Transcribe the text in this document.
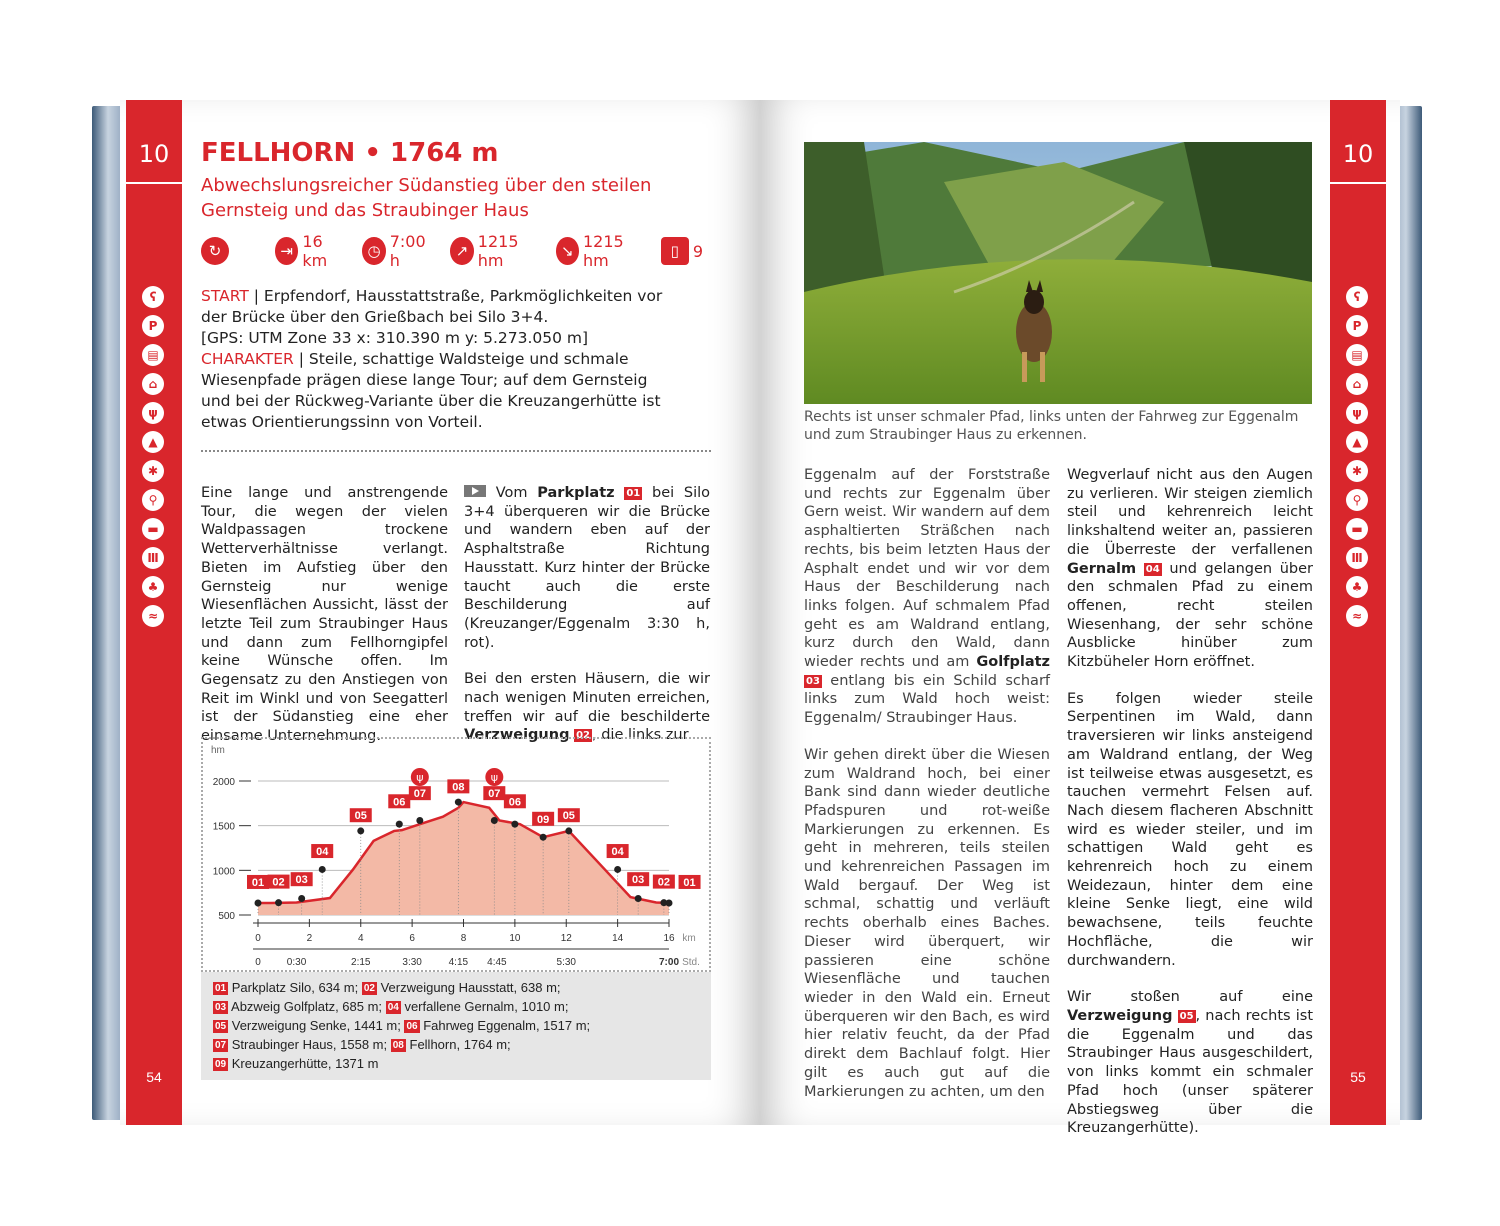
10
ʕ
P
▤
⌂
ψ
▲
✱
⚲
▬
Ⅲ
♣
≈
54
FELLHORN • 1764 m
Abwechslungsreicher Südanstieg über den steilen Gernsteig und das Straubinger Haus
↻	⇥ 16 km	◷ 7:00 h	↗ 1215 hm	↘ 1215 hm	▯ 9
START | Erpfendorf, Hausstattstraße, Parkmöglichkeiten vor der Brücke über den Grießbach bei Silo 3+4.
[GPS: UTM Zone 33 x: 310.390 m y: 5.273.050 m]
CHARAKTER | Steile, schattige Waldsteige und schmale Wiesenpfade prägen diese lange Tour; auf dem Gernsteig und bei der Rückweg-Variante über die Kreuzangerhütte ist etwas Orientierungssinn von Vorteil.

Eine lange und anstrengende Tour, die wegen der vielen Waldpassagen trockene Wetterverhältnisse verlangt. Bieten im Aufstieg über den Gernsteig nur wenige Wiesenflächen Aussicht, lässt der letzte Teil zum Straubinger Haus und dann zum Fellhorngipfel keine Wünsche offen. Im Gegensatz zu den Anstiegen von Reit im Winkl und von Seegatterl ist der Südanstieg eine eher einsame Unternehmung.

Vom Parkplatz 01 bei Silo 3+4 überqueren wir die Brücke und wandern eben auf der Asphaltstraße Richtung Hausstatt. Kurz hinter der Brücke taucht auch die erste Beschilderung auf (Kreuzanger/Eggenalm 3:30 h, rot).

Bei den ersten Häusern, die wir nach wenigen Minuten erreichen, treffen wir auf die beschilderte Verzweigung 02 , die links zur

hm
2000
1500
1000
500
0	2	4	6	8	10	12	14	16 km
0	0:30	2:15	3:30	4:15 4:45	5:30	7:00 Std.
01 02 03
04
05
06
07
08
07
06
09 05
04
03 02 01
ψ	ψ
01 Parkplatz Silo, 634 m; 02 Verzweigung Hausstatt, 638 m;
03 Abzweig Golfplatz, 685 m; 04 verfallene Gernalm, 1010 m;
05 Verzweigung Senke, 1441 m; 06 Fahrweg Eggenalm, 1517 m;
07 Straubinger Haus, 1558 m; 08 Fellhorn, 1764 m;
09 Kreuzangerhütte, 1371 m
10
ʕ
P
▤
⌂
ψ
▲
✱
⚲
▬
Ⅲ
♣
≈
55
Rechts ist unser schmaler Pfad, links unten der Fahrweg zur Eggenalm und zum Straubinger Haus zu erkennen.

Eggenalm auf der Forststraße und rechts zur Eggenalm über Gern weist. Wir wandern auf dem asphaltierten Sträßchen nach rechts, bis beim letzten Haus der Asphalt endet und wir vor dem Haus der Beschilderung nach links folgen. Auf schmalem Pfad geht es am Waldrand entlang, kurz durch den Wald, dann wieder rechts und am Golfplatz 03 entlang bis ein Schild scharf links zum Wald hoch weist: Eggenalm/ Straubinger Haus.

Wir gehen direkt über die Wiesen zum Waldrand hoch, bei einer Bank sind dann wieder deutliche Pfadspuren und rot-weiße Markierungen zu erkennen. Es geht in mehreren, teils steilen und kehrenreichen Passagen im Wald bergauf. Der Weg ist schmal, schattig und verläuft rechts oberhalb eines Baches. Dieser wird überquert, wir passieren eine schöne Wiesenfläche und tauchen wieder in den Wald ein. Erneut überqueren wir den Bach, es wird hier relativ feucht, da der Pfad direkt dem Bachlauf folgt. Hier gilt es auch gut auf die Markierungen zu achten, um den

Wegverlauf nicht aus den Augen zu verlieren. Wir steigen ziemlich steil und kehrenreich leicht linkshaltend weiter an, passieren die Überreste der verfallenen Gernalm 04 und gelangen über den schmalen Pfad zu einem offenen, recht steilen Wiesenhang, der sehr schöne Ausblicke hinüber zum Kitzbüheler Horn eröffnet.

Es folgen wieder steile Serpentinen im Wald, dann traversieren wir links ansteigend am Waldrand entlang, der Weg ist teilweise etwas ausgesetzt, es tauchen vermehrt Felsen auf. Nach diesem flacheren Abschnitt wird es wieder steiler, und im schattigen Wald geht es kehrenreich hoch zu einem Weidezaun, hinter dem eine kleine Senke liegt, eine wild bewachsene, teils feuchte Hochfläche, die wir durchwandern.

Wir stoßen auf eine Verzweigung 05 , nach rechts ist die Eggenalm und das Straubinger Haus ausgeschildert, von links kommt ein schmaler Pfad hoch (unser späterer Abstiegsweg über die Kreuzangerhütte).
